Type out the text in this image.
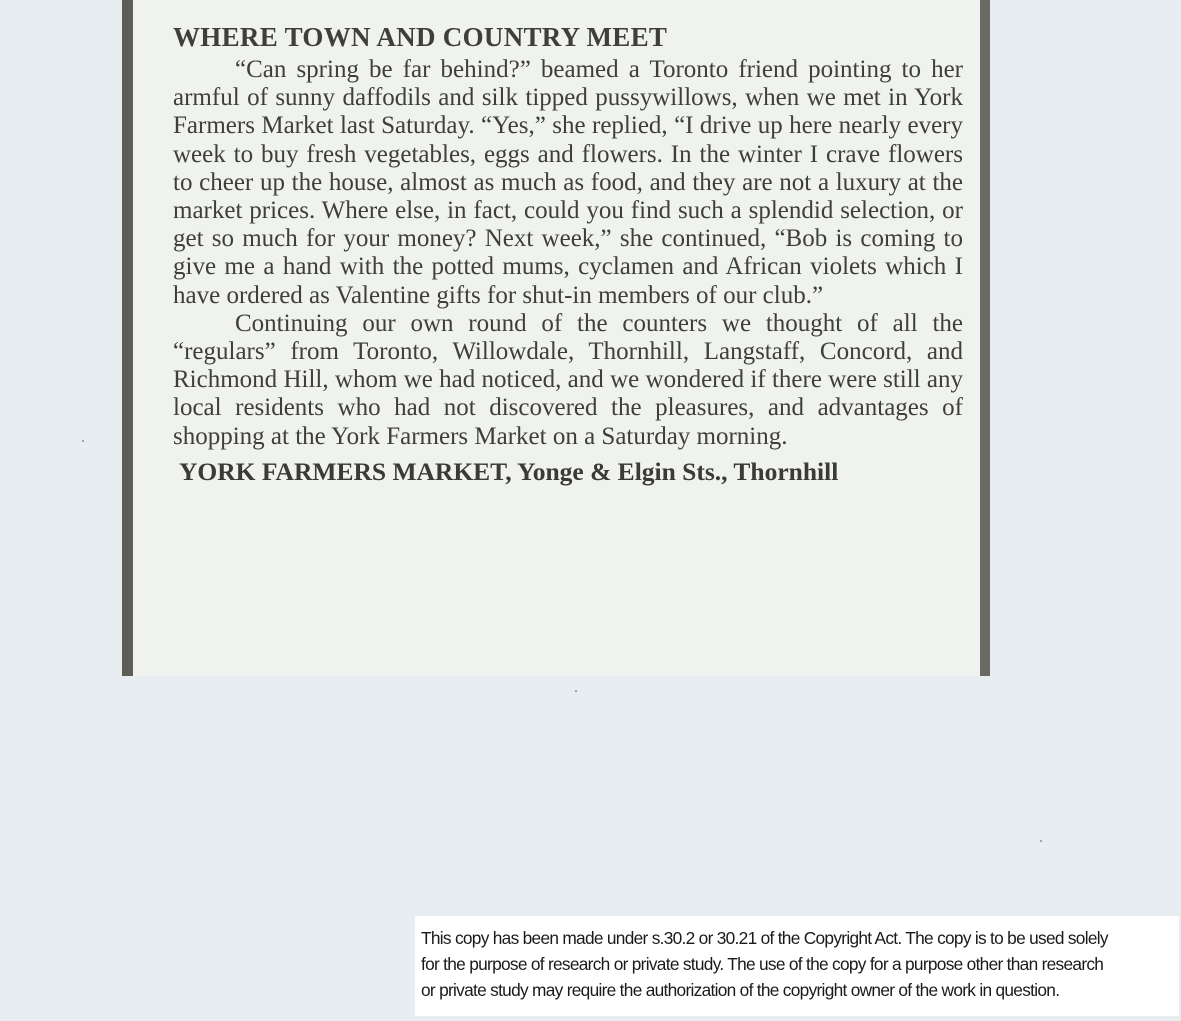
WHERE TOWN AND COUNTRY MEET

“Can spring be far behind?” beamed a Toronto friend pointing to her armful of sunny daffodils and silk tipped pussywillows, when we met in York Farmers Market last Saturday. “Yes,” she replied, “I drive up here nearly every week to buy fresh vegetables, eggs and flowers. In the winter I crave flowers to cheer up the house, almost as much as food, and they are not a luxury at the market prices. Where else, in fact, could you find such a splendid selection, or get so much for your money? Next week,” she continued, “Bob is coming to give me a hand with the potted mums, cyclamen and African violets which I have ordered as Valentine gifts for shut-in members of our club.”

Continuing our own round of the counters we thought of all the “regulars” from Toronto, Willowdale, Thornhill, Langstaff, Concord, and Richmond Hill, whom we had noticed, and we wondered if there were still any local residents who had not discovered the pleasures, and advantages of shopping at the York Farmers Market on a Saturday morning.

YORK FARMERS MARKET, Yonge & Elgin Sts., Thornhill

This copy has been made under s.30.2 or 30.21 of the Copyright Act. The copy is to be used solely

for the purpose of research or private study. The use of the copy for a purpose other than research

or private study may require the authorization of the copyright owner of the work in question.
